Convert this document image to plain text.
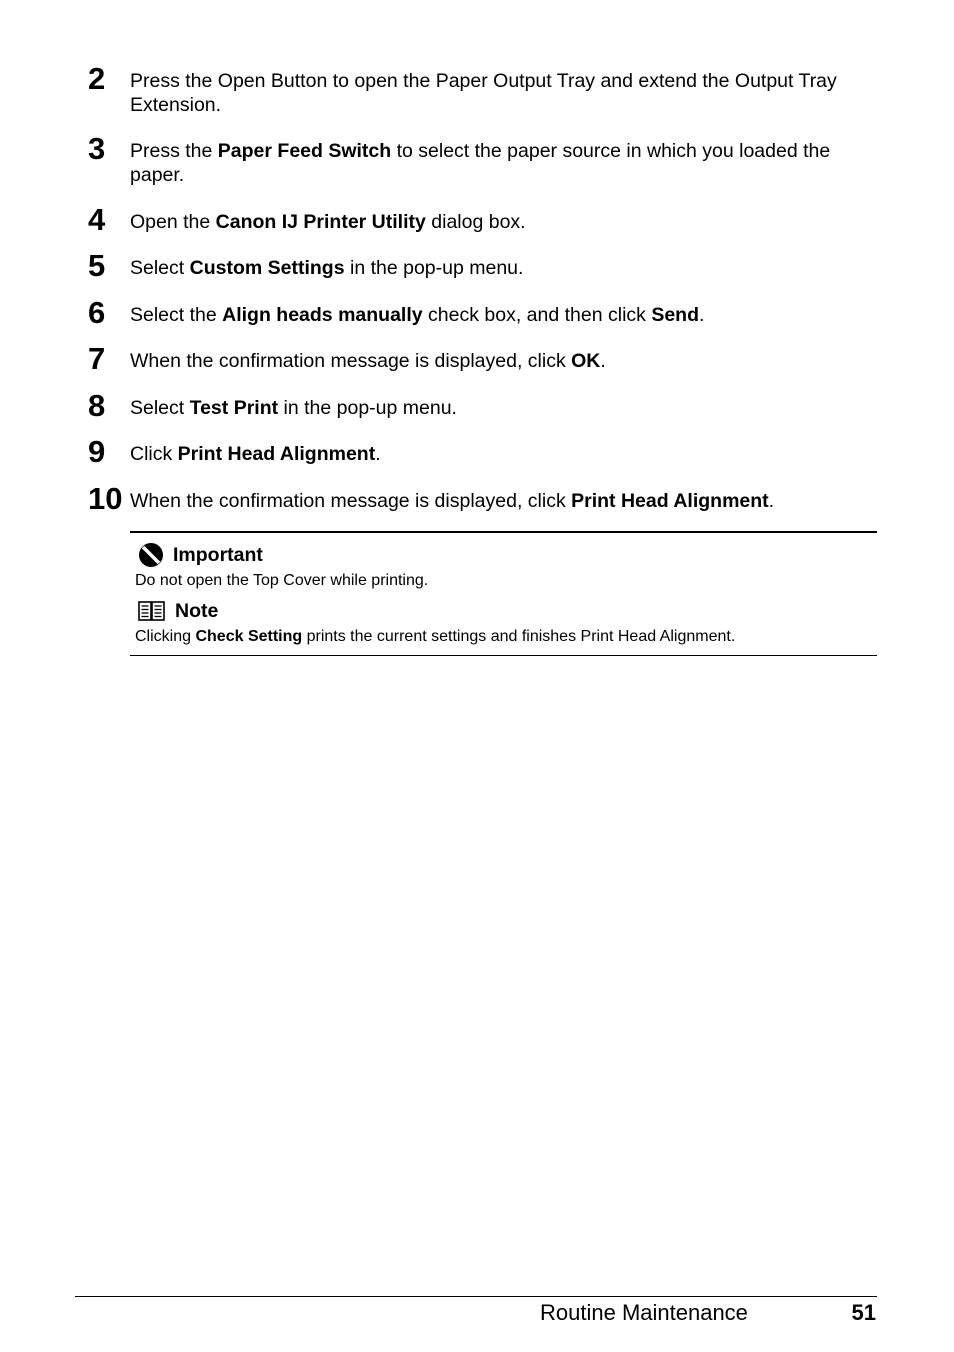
2 Press the Open Button to open the Paper Output Tray and extend the Output Tray Extension.
3 Press the Paper Feed Switch to select the paper source in which you loaded the paper.
4 Open the Canon IJ Printer Utility dialog box.
5 Select Custom Settings in the pop-up menu.
6 Select the Align heads manually check box, and then click Send.
7 When the confirmation message is displayed, click OK.
8 Select Test Print in the pop-up menu.
9 Click Print Head Alignment.
10 When the confirmation message is displayed, click Print Head Alignment.
Important
Do not open the Top Cover while printing.
Note
Clicking Check Setting prints the current settings and finishes Print Head Alignment.
Routine Maintenance	51
